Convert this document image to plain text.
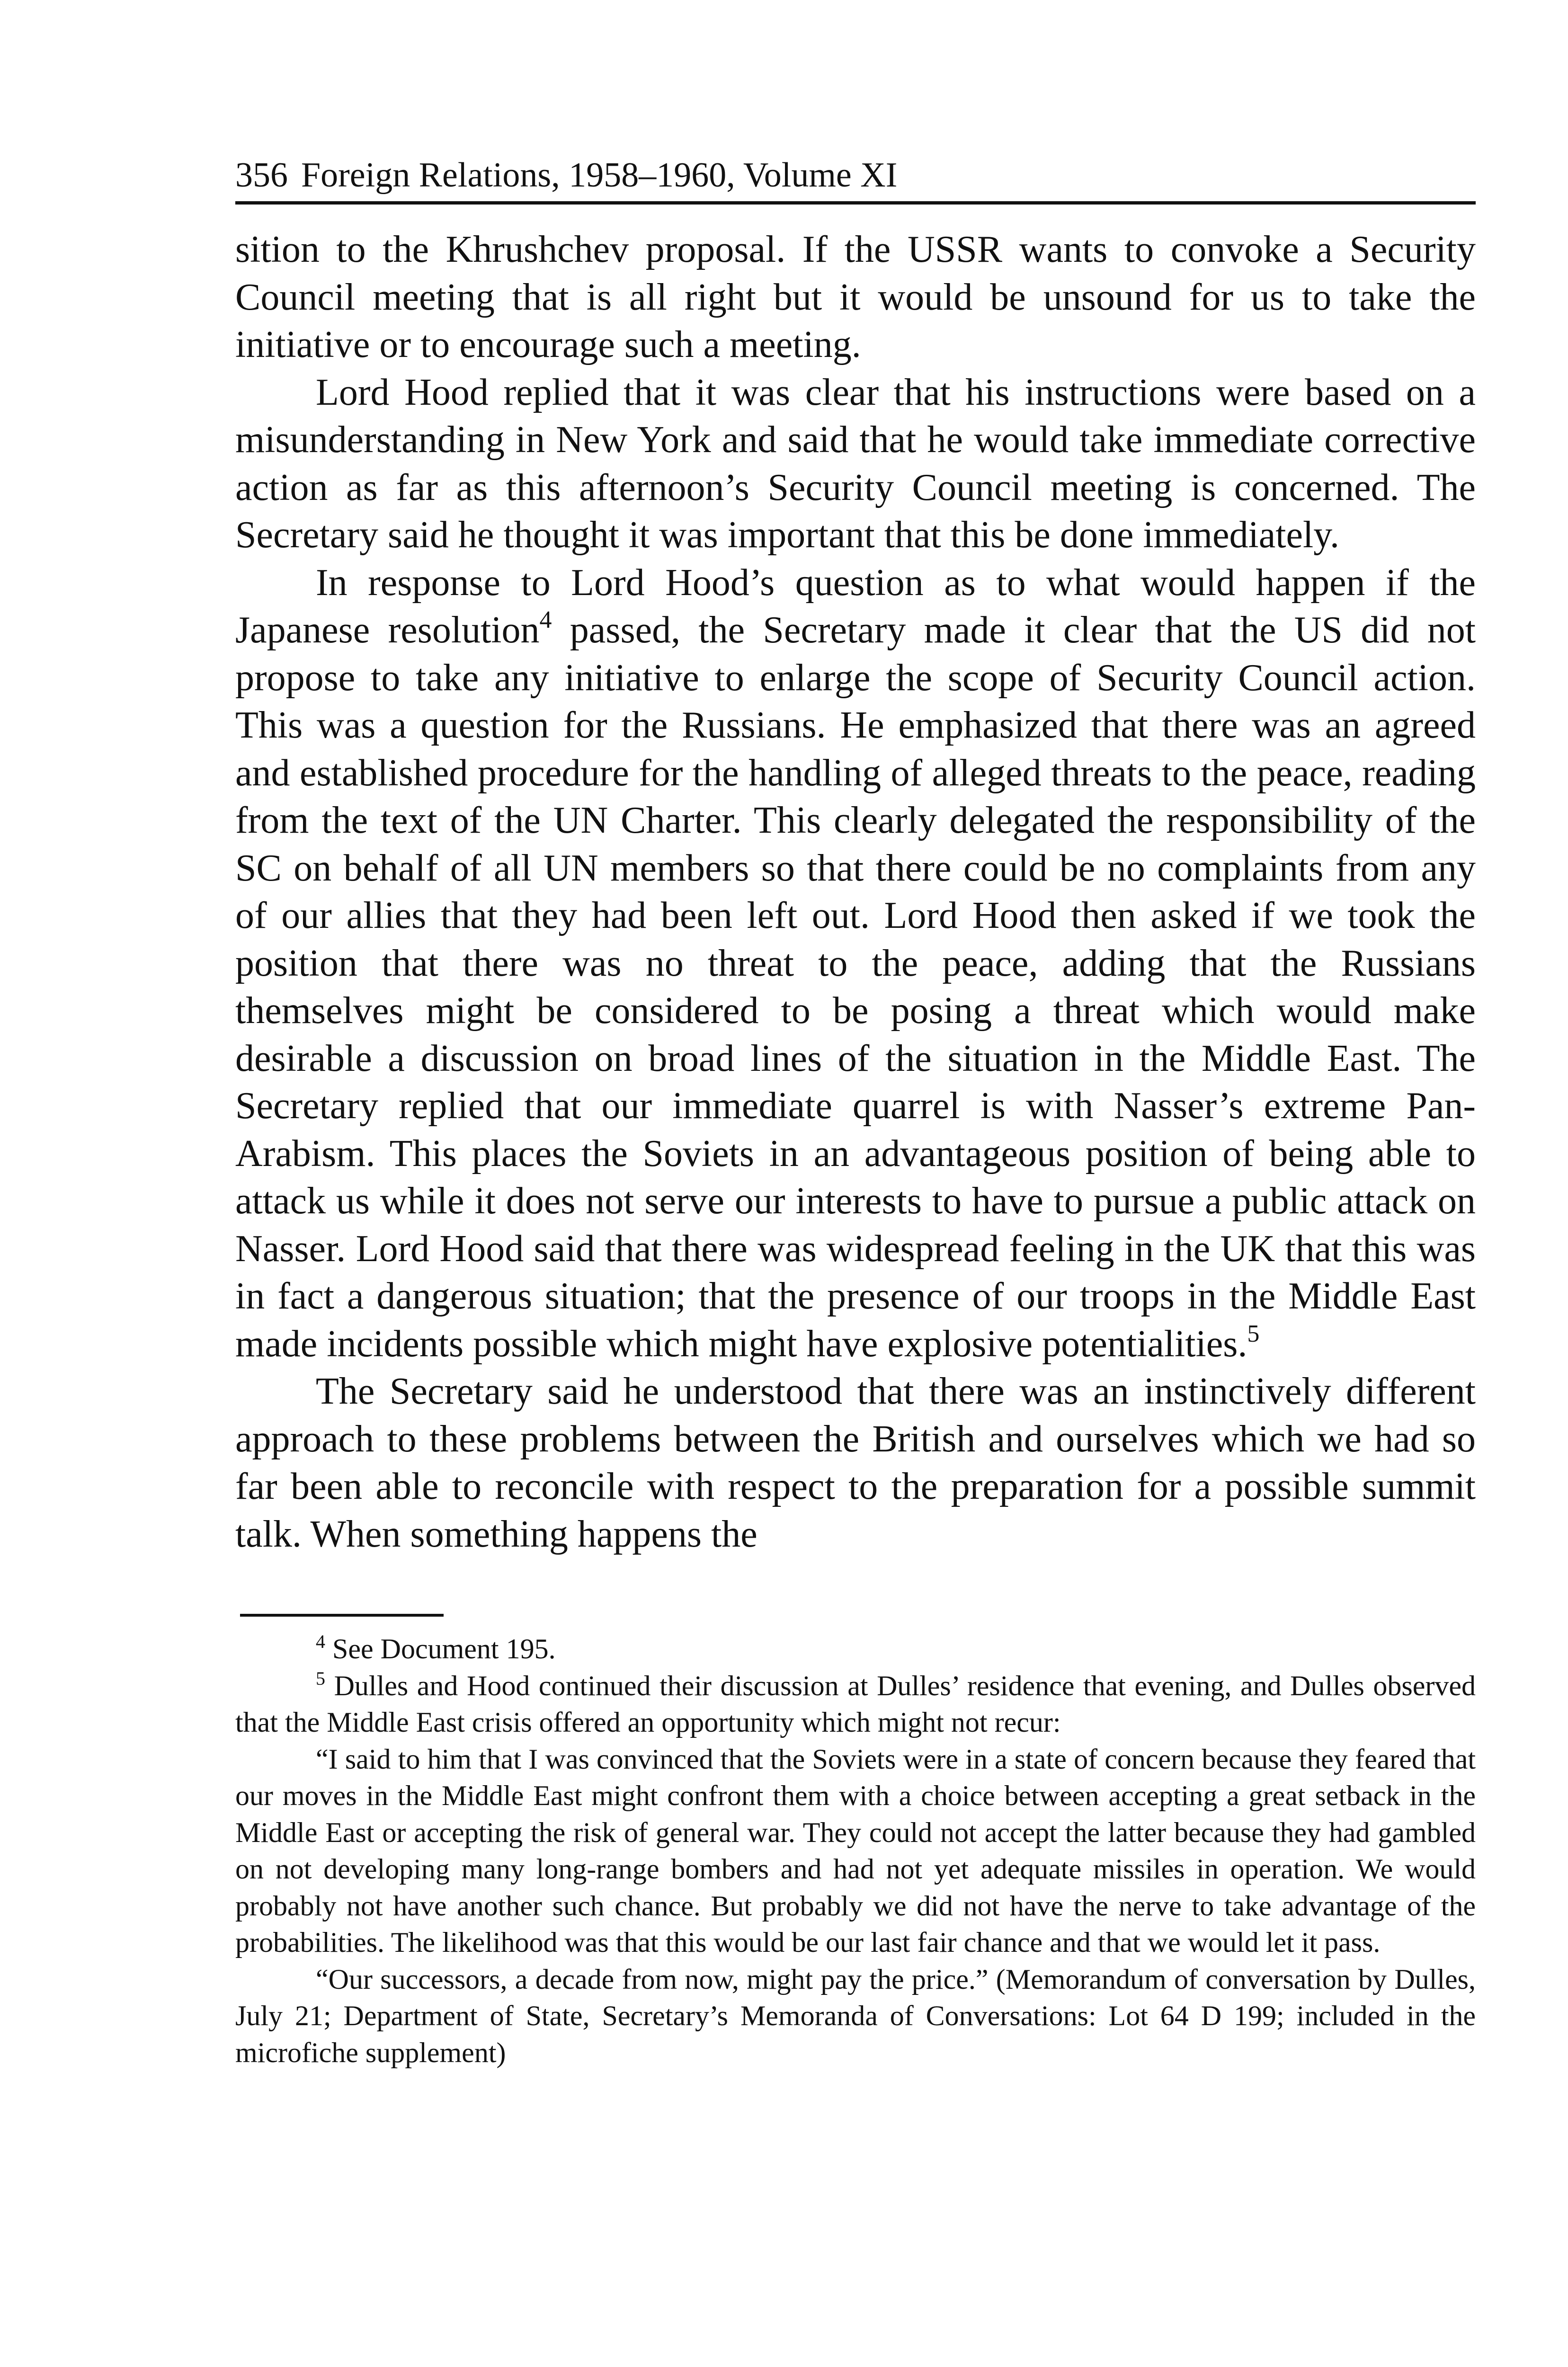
356 Foreign Relations, 1958–1960, Volume XI

sition to the Khrushchev proposal. If the USSR wants to convoke a Security Council meeting that is all right but it would be unsound for us to take the initiative or to encourage such a meeting.

Lord Hood replied that it was clear that his instructions were based on a misunderstanding in New York and said that he would take immediate corrective action as far as this afternoon’s Security Council meeting is concerned. The Secretary said he thought it was important that this be done immediately.

In response to Lord Hood’s question as to what would happen if the Japanese resolution$^4$ passed, the Secretary made it clear that the US did not propose to take any initiative to enlarge the scope of Security Council action. This was a question for the Russians. He emphasized that there was an agreed and established procedure for the handling of alleged threats to the peace, reading from the text of the UN Charter. This clearly delegated the responsibility of the SC on behalf of all UN members so that there could be no complaints from any of our allies that they had been left out. Lord Hood then asked if we took the position that there was no threat to the peace, adding that the Russians themselves might be considered to be posing a threat which would make desirable a discussion on broad lines of the situation in the Middle East. The Secretary replied that our immediate quarrel is with Nasser’s extreme Pan-Arabism. This places the Soviets in an advantageous position of being able to attack us while it does not serve our interests to have to pursue a public attack on Nasser. Lord Hood said that there was widespread feeling in the UK that this was in fact a dangerous situation; that the presence of our troops in the Middle East made incidents possible which might have explosive potentialities.$^5$

The Secretary said he understood that there was an instinctively different approach to these problems between the British and ourselves which we had so far been able to reconcile with respect to the preparation for a possible summit talk. When something happens the

$^4$ See Document 195.

$^5$ Dulles and Hood continued their discussion at Dulles’ residence that evening, and Dulles observed that the Middle East crisis offered an opportunity which might not recur:

“I said to him that I was convinced that the Soviets were in a state of concern because they feared that our moves in the Middle East might confront them with a choice between accepting a great setback in the Middle East or accepting the risk of general war. They could not accept the latter because they had gambled on not developing many long-range bombers and had not yet adequate missiles in operation. We would probably not have another such chance. But probably we did not have the nerve to take advantage of the probabilities. The likelihood was that this would be our last fair chance and that we would let it pass.

“Our successors, a decade from now, might pay the price.” (Memorandum of conversation by Dulles, July 21; Department of State, Secretary’s Memoranda of Conversations: Lot 64 D 199; included in the microfiche supplement)
